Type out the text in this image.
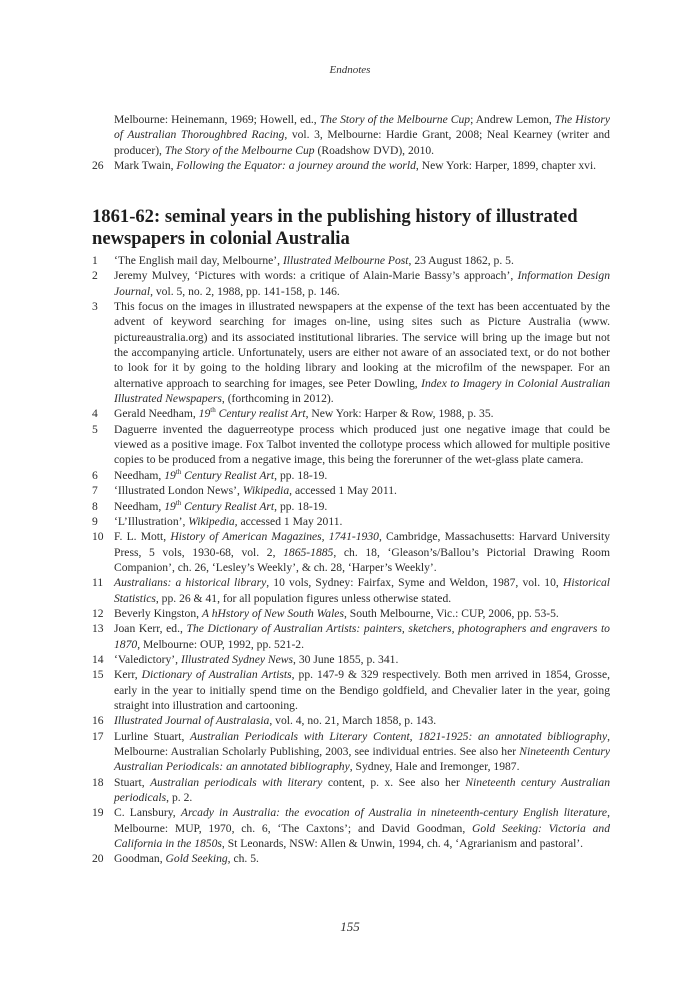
Endnotes
Melbourne: Heinemann, 1969; Howell, ed., The Story of the Melbourne Cup; Andrew Lemon, The History of Australian Thoroughbred Racing, vol. 3, Melbourne: Hardie Grant, 2008; Neal Kearney (writer and producer), The Story of the Melbourne Cup (Roadshow DVD), 2010.
26 Mark Twain, Following the Equator: a journey around the world, New York: Harper, 1899, chapter xvi.
1861-62: seminal years in the publishing history of illustrated newspapers in colonial Australia
1 ‘The English mail day, Melbourne’, Illustrated Melbourne Post, 23 August 1862, p. 5.
2 Jeremy Mulvey, ‘Pictures with words: a critique of Alain-Marie Bassy’s approach’, Information Design Journal, vol. 5, no. 2, 1988, pp. 141-158, p. 146.
3 This focus on the images in illustrated newspapers at the expense of the text has been accentuated by the advent of keyword searching for images on-line, using sites such as Picture Australia (www. pictureaustralia.org) and its associated institutional libraries. The service will bring up the image but not the accompanying article. Unfortunately, users are either not aware of an associated text, or do not bother to look for it by going to the holding library and looking at the microfilm of the newspaper. For an alternative approach to searching for images, see Peter Dowling, Index to Imagery in Colonial Australian Illustrated Newspapers, (forthcoming in 2012).
4 Gerald Needham, 19th Century realist Art, New York: Harper & Row, 1988, p. 35.
5 Daguerre invented the daguerreotype process which produced just one negative image that could be viewed as a positive image. Fox Talbot invented the collotype process which allowed for multiple positive copies to be produced from a negative image, this being the forerunner of the wet-glass plate camera.
6 Needham, 19th Century Realist Art, pp. 18-19.
7 ‘Illustrated London News’, Wikipedia, accessed 1 May 2011.
8 Needham, 19th Century Realist Art, pp. 18-19.
9 ‘L’Illustration’, Wikipedia, accessed 1 May 2011.
10 F. L. Mott, History of American Magazines, 1741-1930, Cambridge, Massachusetts: Harvard University Press, 5 vols, 1930-68, vol. 2, 1865-1885, ch. 18, ‘Gleason’s/Ballou’s Pictorial Drawing Room Companion’, ch. 26, ‘Lesley’s Weekly’, & ch. 28, ‘Harper’s Weekly’.
11 Australians: a historical library, 10 vols, Sydney: Fairfax, Syme and Weldon, 1987, vol. 10, Historical Statistics, pp. 26 & 41, for all population figures unless otherwise stated.
12 Beverly Kingston, A hHstory of New South Wales, South Melbourne, Vic.: CUP, 2006, pp. 53-5.
13 Joan Kerr, ed., The Dictionary of Australian Artists: painters, sketchers, photographers and engravers to 1870, Melbourne: OUP, 1992, pp. 521-2.
14 ‘Valedictory’, Illustrated Sydney News, 30 June 1855, p. 341.
15 Kerr, Dictionary of Australian Artists, pp. 147-9 & 329 respectively. Both men arrived in 1854, Grosse, early in the year to initially spend time on the Bendigo goldfield, and Chevalier later in the year, going straight into illustration and cartooning.
16 Illustrated Journal of Australasia, vol. 4, no. 21, March 1858, p. 143.
17 Lurline Stuart, Australian Periodicals with Literary Content, 1821-1925: an annotated bibliography, Melbourne: Australian Scholarly Publishing, 2003, see individual entries. See also her Nineteenth Century Australian Periodicals: an annotated bibliography, Sydney, Hale and Iremonger, 1987.
18 Stuart, Australian periodicals with literary content, p. x. See also her Nineteenth century Australian periodicals, p. 2.
19 C. Lansbury, Arcady in Australia: the evocation of Australia in nineteenth-century English literature, Melbourne: MUP, 1970, ch. 6, ‘The Caxtons’; and David Goodman, Gold Seeking: Victoria and California in the 1850s, St Leonards, NSW: Allen & Unwin, 1994, ch. 4, ‘Agrarianism and pastoral’.
20 Goodman, Gold Seeking, ch. 5.
155
